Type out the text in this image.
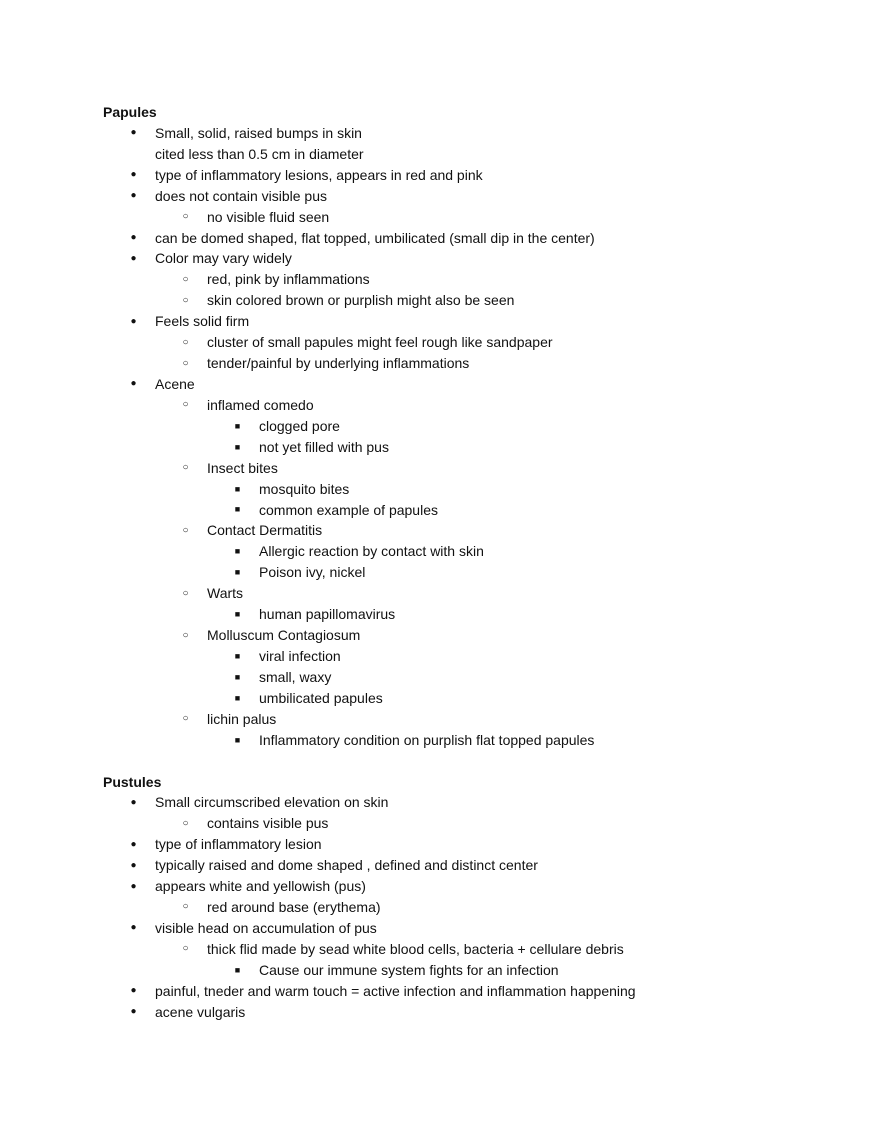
Papules
●	Small, solid, raised bumps in skin
cited less than 0.5 cm in diameter
●	type of inflammatory lesions, appears in red and pink
●	does not contain visible pus
○	no visible fluid seen
●	can be domed shaped, flat topped, umbilicated (small dip in the center)
●	Color may vary widely
○	red, pink by inflammations
○	skin colored brown or purplish might also be seen
●	Feels solid firm
○	cluster of small papules might feel rough like sandpaper
○	tender/painful by underlying inflammations
●	Acene
○	inflamed comedo
■	clogged pore
■	not yet filled with pus
○	Insect bites
■	mosquito bites
■	common example of papules
○	Contact Dermatitis
■	Allergic reaction by contact with skin
■	Poison ivy, nickel
○	Warts
■	human papillomavirus
○	Molluscum Contagiosum
■	viral infection
■	small, waxy
■	umbilicated papules
○	lichin palus
■	Inflammatory condition on purplish flat topped papules
Pustules
●	Small circumscribed elevation on skin
○	contains visible pus
●	type of inflammatory lesion
●	typically raised and dome shaped , defined and distinct center
●	appears white and yellowish (pus)
○	red around base (erythema)
●	visible head on accumulation of pus
○	thick flid made by sead white blood cells, bacteria + cellulare debris
■	Cause our immune system fights for an infection
●	painful, tneder and warm touch = active infection and inflammation happening
●	acene vulgaris
